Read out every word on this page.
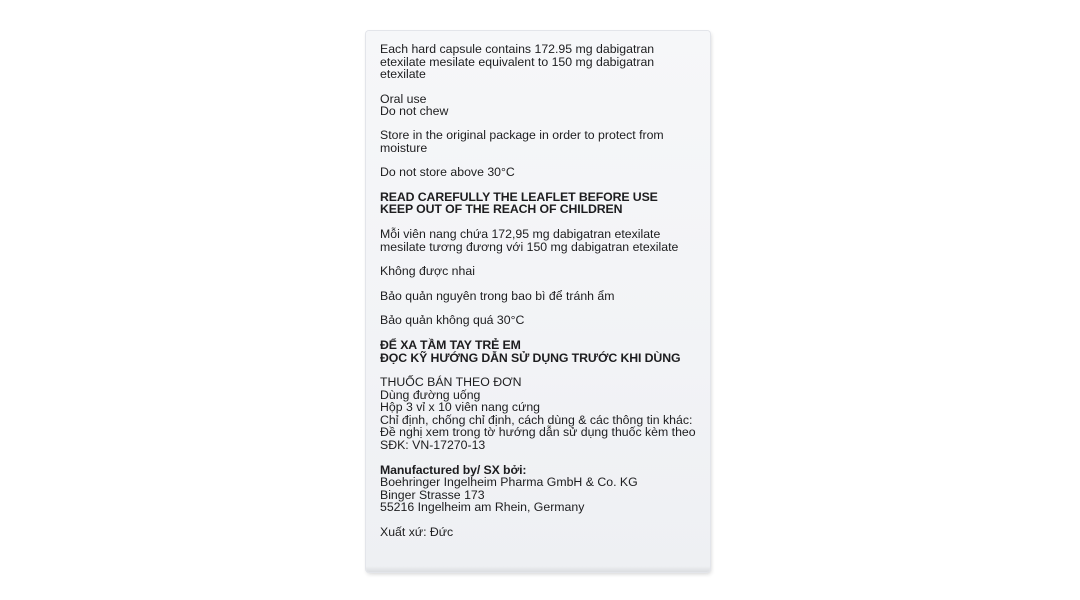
Each hard capsule contains 172.95 mg dabigatran etexilate mesilate equivalent to 150 mg dabigatran etexilate

Oral use

Do not chew

Store in the original package in order to protect from moisture

Do not store above 30°C

READ CAREFULLY THE LEAFLET BEFORE USE

KEEP OUT OF THE REACH OF CHILDREN

Mỗi viên nang chứa 172,95 mg dabigatran etexilate mesilate tương đương với 150 mg dabigatran etexilate

Không được nhai

Bảo quản nguyên trong bao bì để tránh ẩm

Bảo quản không quá 30°C

ĐỂ XA TẦM TAY TRẺ EM

ĐỌC KỸ HƯỚNG DẪN SỬ DỤNG TRƯỚC KHI DÙNG

THUỐC BÁN THEO ĐƠN

Dùng đường uống

Hộp 3 vỉ x 10 viên nang cứng

Chỉ định, chống chỉ định, cách dùng & các thông tin khác: Đề nghị xem trong tờ hướng dẫn sử dụng thuốc kèm theo

SĐK: VN-17270-13

Manufactured by/ SX bởi:

Boehringer Ingelheim Pharma GmbH & Co. KG

Binger Strasse 173

55216 Ingelheim am Rhein, Germany

Xuất xứ: Đức
